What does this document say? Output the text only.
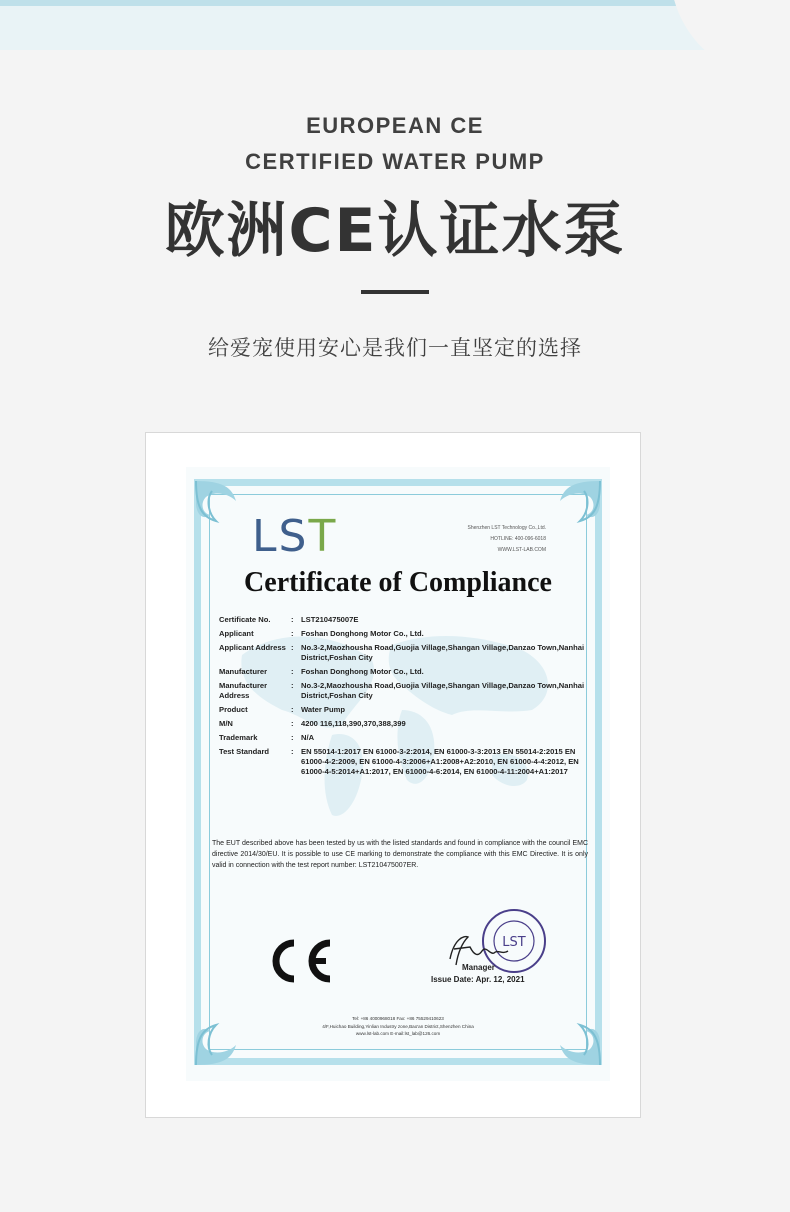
EUROPEAN CE
CERTIFIED WATER PUMP
欧洲CE认证水泵
给爱宠使用安心是我们一直坚定的选择
LST	Shenzhen LST Technology Co.,Ltd.
HOTLINE: 400-096-6018
WWW.LST-LAB.COM
Certificate of Compliance
Certificate No.	: LST210475007E
Applicant	: Foshan Donghong Motor Co., Ltd.
Applicant Address : No.3-2,Maozhousha Road,Guojia Village,Shangan Village,Danzao Town,Nanhai District,Foshan City
Manufacturer	: Foshan Donghong Motor Co., Ltd.
Manufacturer Address
: No.3-2,Maozhousha Road,Guojia Village,Shangan Village,Danzao Town,Nanhai District,Foshan City
Product	: Water Pump
M/N	: 4200 116,118,390,370,388,399
Trademark	: N/A
Test Standard	: EN 55014-1:2017 EN 61000-3-2:2014, EN 61000-3-3:2013 EN 55014-2:2015 EN 61000-4-2:2009, EN 61000-4-3:2006+A1:2008+A2:2010, EN 61000-4-4:2012, EN 61000-4-5:2014+A1:2017, EN 61000-4-6:2014, EN 61000-4-11:2004+A1:2017
The EUT described above has been tested by us with the listed standards and found in compliance with the council EMC directive 2014/30/EU. It is possible to use CE marking to demonstrate the compliance with this EMC Directive. It is only valid in connection with the test report number: LST210475007ER.
LST
Manager
Issue Date: Apr. 12, 2021
Tel: +86 4000968018 Fax: +86 75529410623
4/F,Huichao Building,Yinlian Industry zone,Bao'an District,Shenzhen China
www.lst-lab.com E-mail:lst_lab@126.com
